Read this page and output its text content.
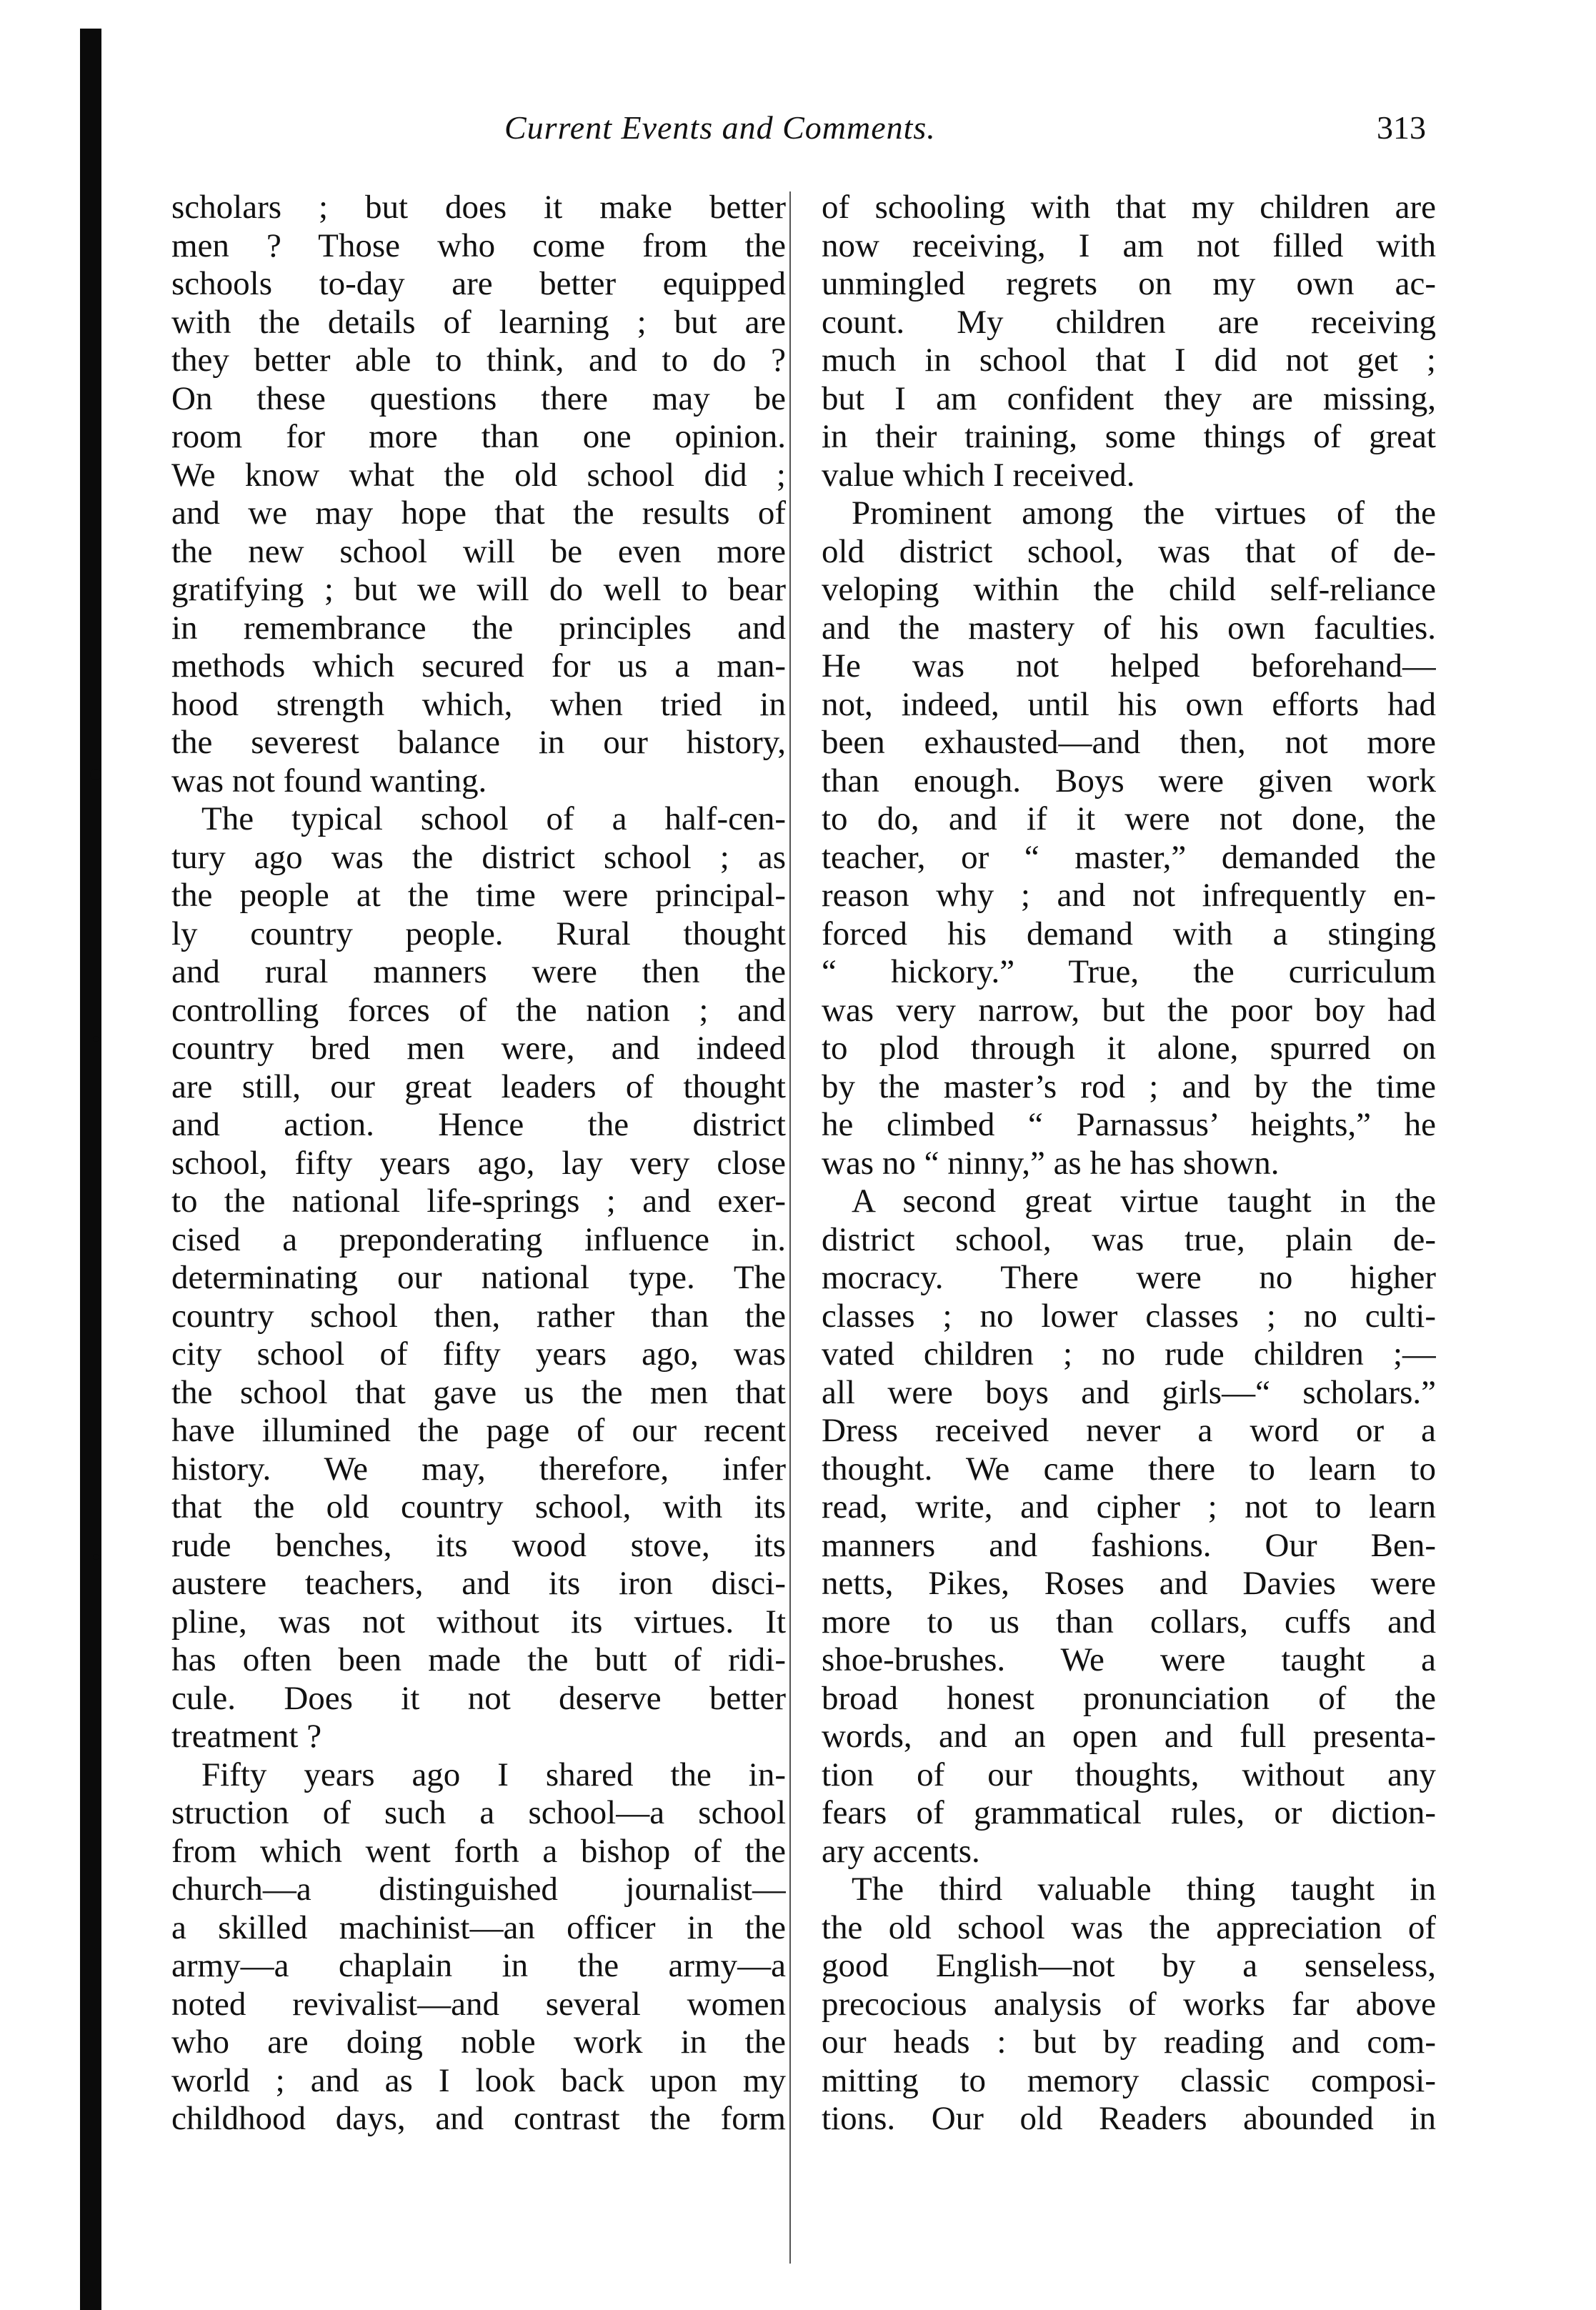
Current Events and Comments.	313
scholars ; but does it make better
men ? Those who come from the
schools to-day are better equipped
with the details of learning ; but are
they better able to think, and to do ?
On these questions there may be
room for more than one opinion.
We know what the old school did ;
and we may hope that the results of
the new school will be even more
gratifying ; but we will do well to bear
in remembrance the principles and
methods which secured for us a man-
hood strength which, when tried in
the severest balance in our history,
was not found wanting.
The typical school of a half-cen-
tury ago was the district school ; as
the people at the time were principal-
ly country people. Rural thought
and rural manners were then the
controlling forces of the nation ; and
country bred men were, and indeed
are still, our great leaders of thought
and action. Hence the district
school, fifty years ago, lay very close
to the national life-springs ; and exer-
cised a preponderating influence in.
determinating our national type. The
country school then, rather than the
city school of fifty years ago, was
the school that gave us the men that
have illumined the page of our recent
history. We may, therefore, infer
that the old country school, with its
rude benches, its wood stove, its
austere teachers, and its iron disci-
pline, was not without its virtues. It
has often been made the butt of ridi-
cule. Does it not deserve better
treatment ?
Fifty years ago I shared the in-
struction of such a school—a school
from which went forth a bishop of the
church—a distinguished journalist—
a skilled machinist—an officer in the
army—a chaplain in the army—a
noted revivalist—and several women
who are doing noble work in the
world ; and as I look back upon my
childhood days, and contrast the form
of schooling with that my children are
now receiving, I am not filled with
unmingled regrets on my own ac-
count. My children are receiving
much in school that I did not get ;
but I am confident they are missing,
in their training, some things of great
value which I received.
Prominent among the virtues of the
old district school, was that of de-
veloping within the child self-reliance
and the mastery of his own faculties.
He was not helped beforehand—
not, indeed, until his own efforts had
been exhausted—and then, not more
than enough. Boys were given work
to do, and if it were not done, the
teacher, or “ master,” demanded the
reason why ; and not infrequently en-
forced his demand with a stinging
“ hickory.” True, the curriculum
was very narrow, but the poor boy had
to plod through it alone, spurred on
by the master’s rod ; and by the time
he climbed “ Parnassus’ heights,” he
was no “ ninny,” as he has shown.
A second great virtue taught in the
district school, was true, plain de-
mocracy. There were no higher
classes ; no lower classes ; no culti-
vated children ; no rude children ;—
all were boys and girls—“ scholars.”
Dress received never a word or a
thought. We came there to learn to
read, write, and cipher ; not to learn
manners and fashions. Our Ben-
netts, Pikes, Roses and Davies were
more to us than collars, cuffs and
shoe-brushes. We were taught a
broad honest pronunciation of the
words, and an open and full presenta-
tion of our thoughts, without any
fears of grammatical rules, or diction-
ary accents.
The third valuable thing taught in
the old school was the appreciation of
good English—not by a senseless,
precocious analysis of works far above
our heads : but by reading and com-
mitting to memory classic composi-
tions. Our old Readers abounded in
